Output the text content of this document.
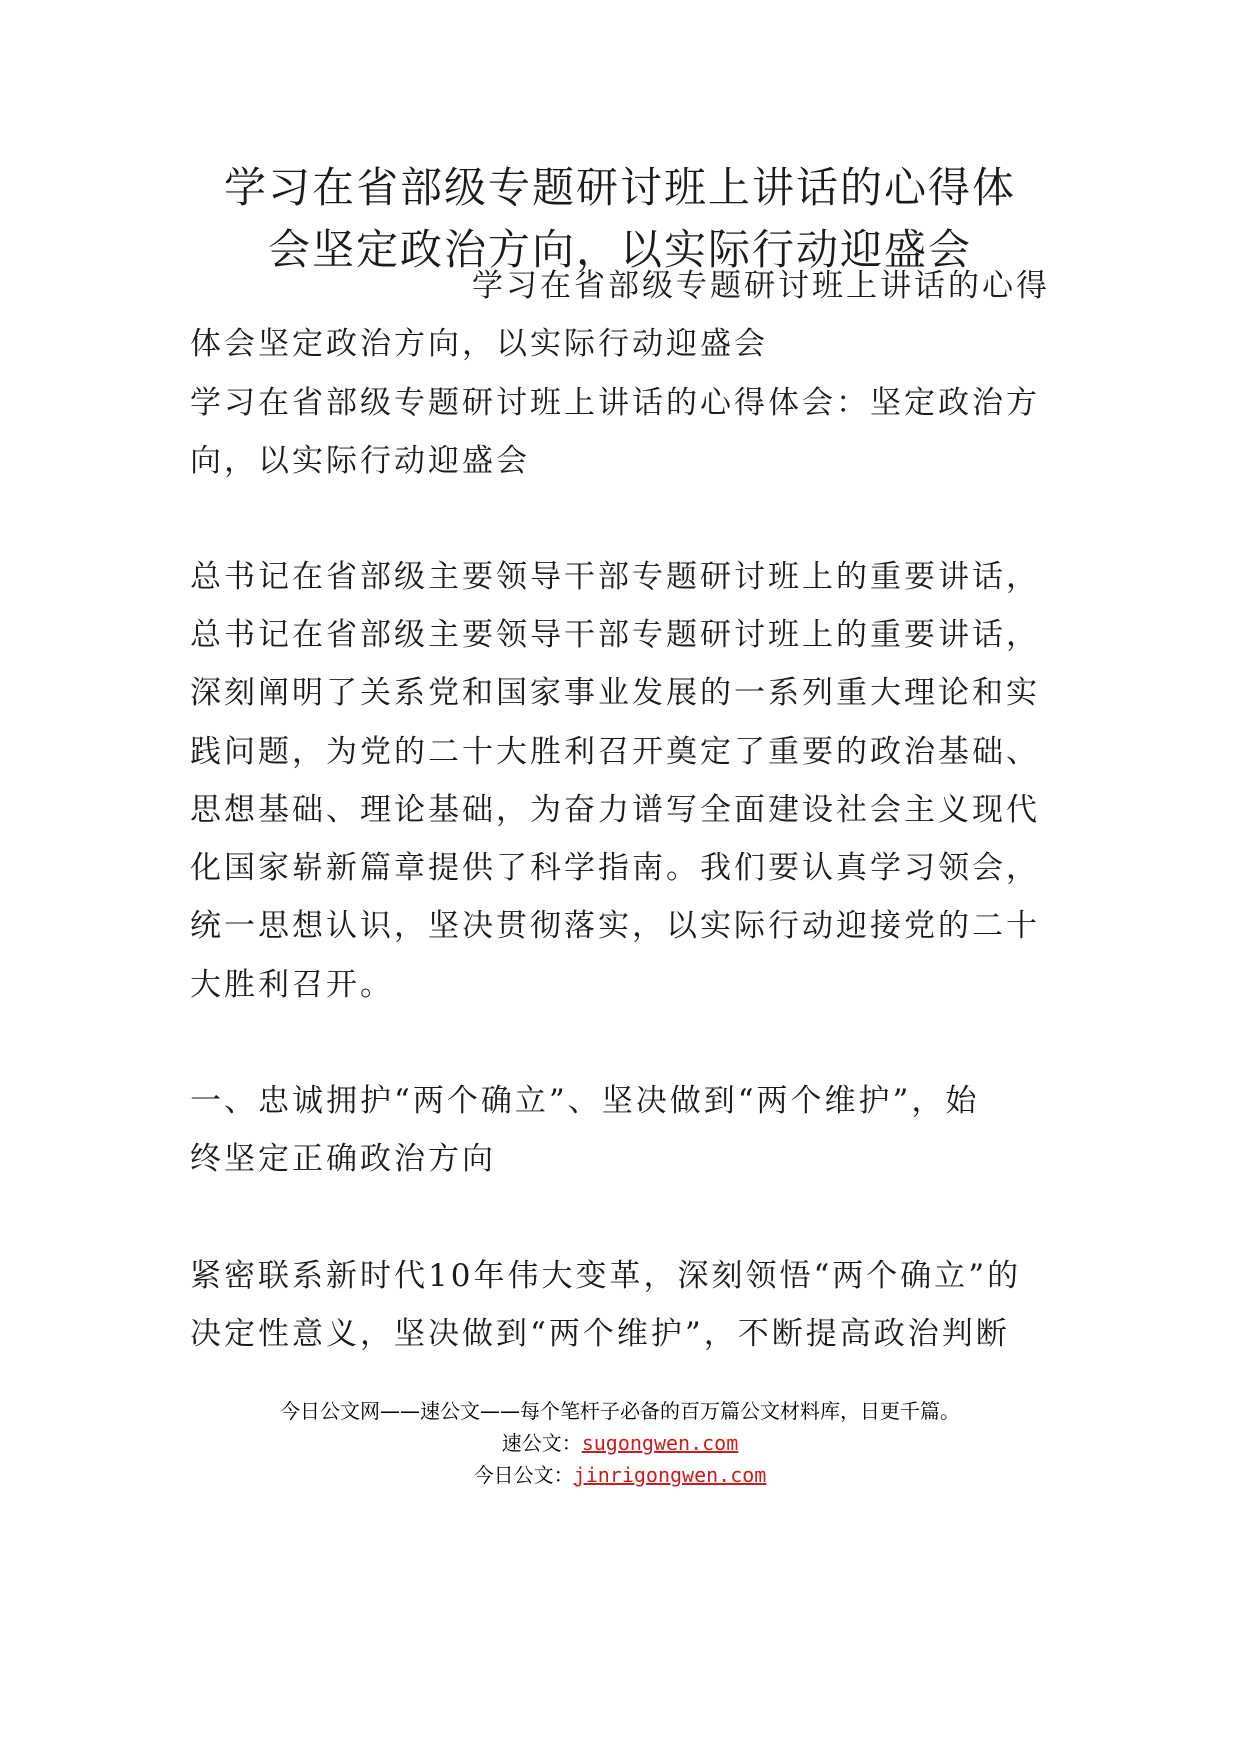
学习在省部级专题研讨班上讲话的心得体
会坚定政治方向，以实际行动迎盛会

学习在省部级专题研讨班上讲话的心得

体会坚定政治方向，以实际行动迎盛会

学习在省部级专题研讨班上讲话的心得体会：坚定政治方

向，以实际行动迎盛会

总书记在省部级主要领导干部专题研讨班上的重要讲话，

总书记在省部级主要领导干部专题研讨班上的重要讲话，

深刻阐明了关系党和国家事业发展的一系列重大理论和实

践问题，为党的二十大胜利召开奠定了重要的政治基础、

思想基础、理论基础，为奋力谱写全面建设社会主义现代

化国家崭新篇章提供了科学指南。我们要认真学习领会，

统一思想认识，坚决贯彻落实，以实际行动迎接党的二十

大胜利召开。

一、忠诚拥护“两个确立”、坚决做到“两个维护”，始

终坚定正确政治方向

紧密联系新时代10年伟大变革，深刻领悟“两个确立”的

决定性意义，坚决做到“两个维护”，不断提高政治判断

今日公文网——速公文——每个笔杆子必备的百万篇公文材料库，日更千篇。

速公文：sugongwen.com

今日公文：jinrigongwen.com
